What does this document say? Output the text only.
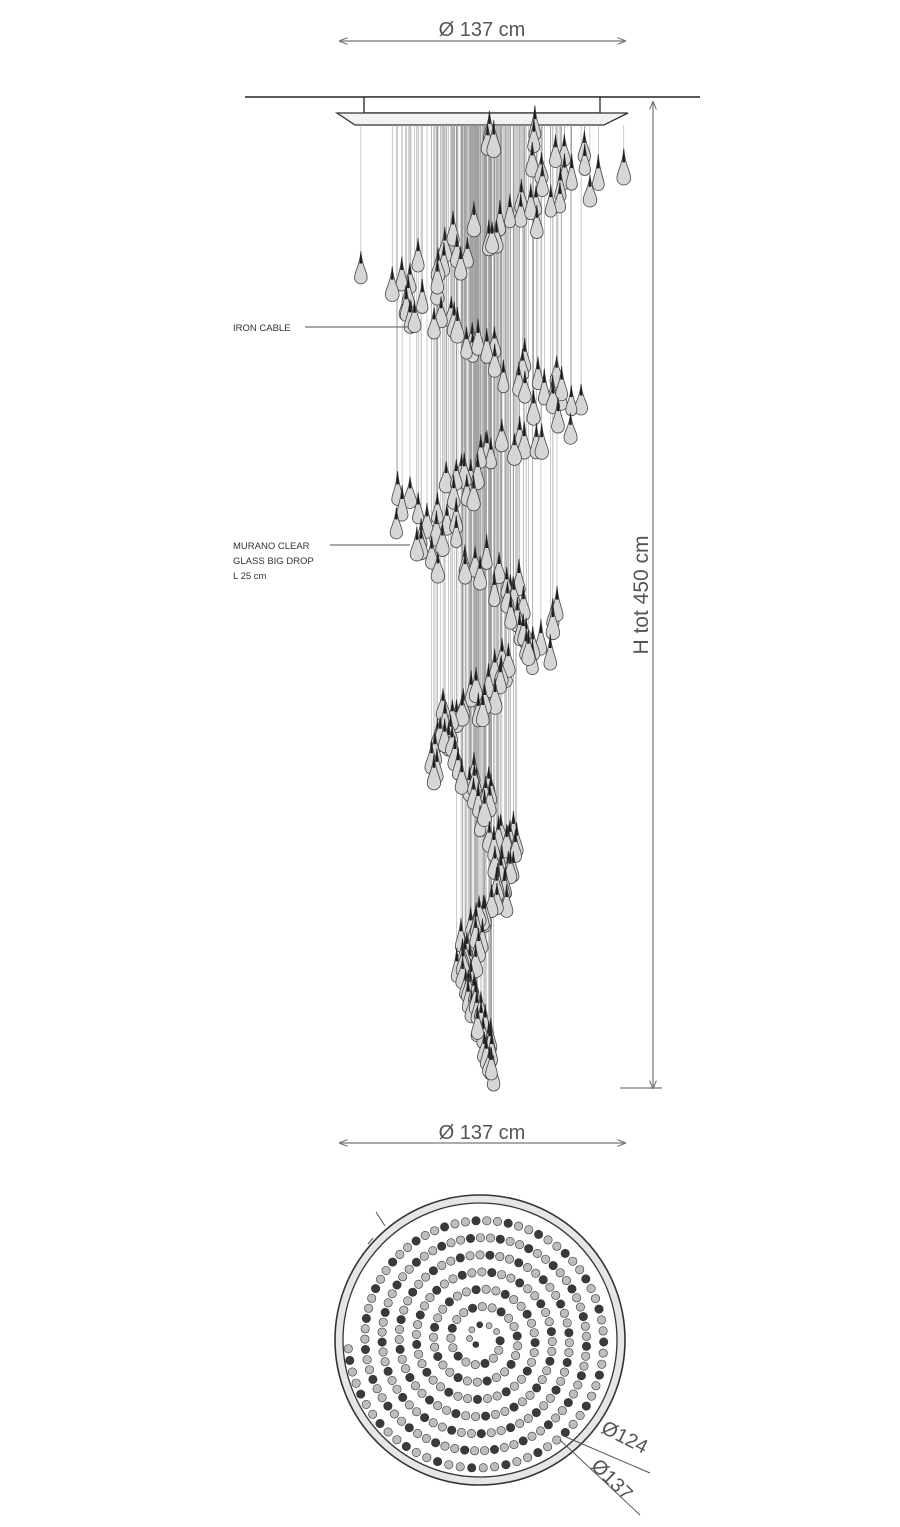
Ø 137 cm
H tot 450 cm
IRON CABLE
MURANO CLEAR
GLASS BIG DROP
L 25 cm
Ø 137 cm
Ø124
Ø137
